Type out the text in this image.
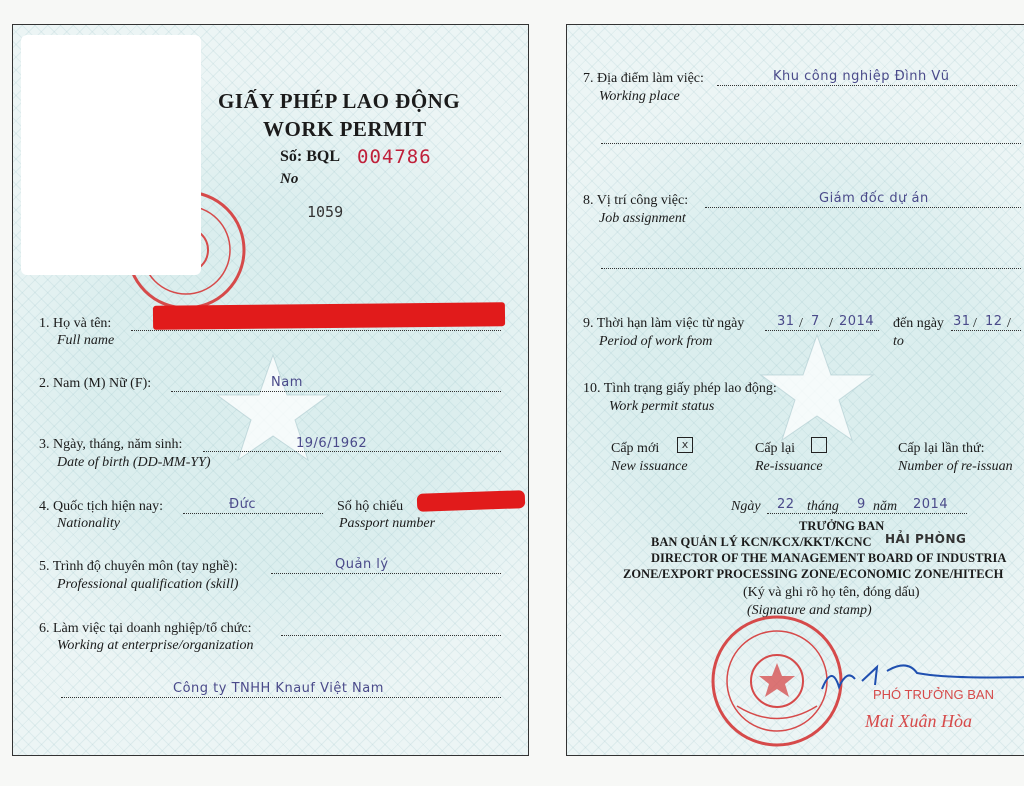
GIẤY PHÉP LAO ĐỘNG
WORK PERMIT
Số: BQL 004786
No
1059
1. Họ và tên:
Full name
2. Nam (M) Nữ (F):	Nam
3. Ngày, tháng, năm sinh:	19/6/1962
Date of birth (DD-MM-YY)
4. Quốc tịch hiện nay:	Đức
Nationality
Số hộ chiếu
Passport number
5. Trình độ chuyên môn (tay nghề):	Quản lý
Professional qualification (skill)
6. Làm việc tại doanh nghiệp/tổ chức:
Working at enterprise/organization
Công ty TNHH Knauf Việt Nam
7. Địa điểm làm việc:	Khu công nghiệp Đình Vũ
Working place
8. Vị trí công việc:	Giám đốc dự án
Job assignment
9. Thời hạn làm việc từ ngày	31 / 7 / 2014 đến ngày 31 / 12 /
Period of work from	to
10. Tình trạng giấy phép lao động:
Work permit status
Cấp mới	x
New issuance
Cấp lại
Re-issuance
Cấp lại lần thứ:
Number of re-issuan
Ngày 22 tháng 9 năm 2014
TRƯỞNG BAN
BAN QUẢN LÝ KCN/KCX/KKT/KCNC HẢI PHÒNG
DIRECTOR OF THE MANAGEMENT BOARD OF INDUSTRIA
ZONE/EXPORT PROCESSING ZONE/ECONOMIC ZONE/HITECH
(Ký và ghi rõ họ tên, đóng dấu)
(Signature and stamp)
PHÓ TRƯỞNG BAN
Mai Xuân Hòa
